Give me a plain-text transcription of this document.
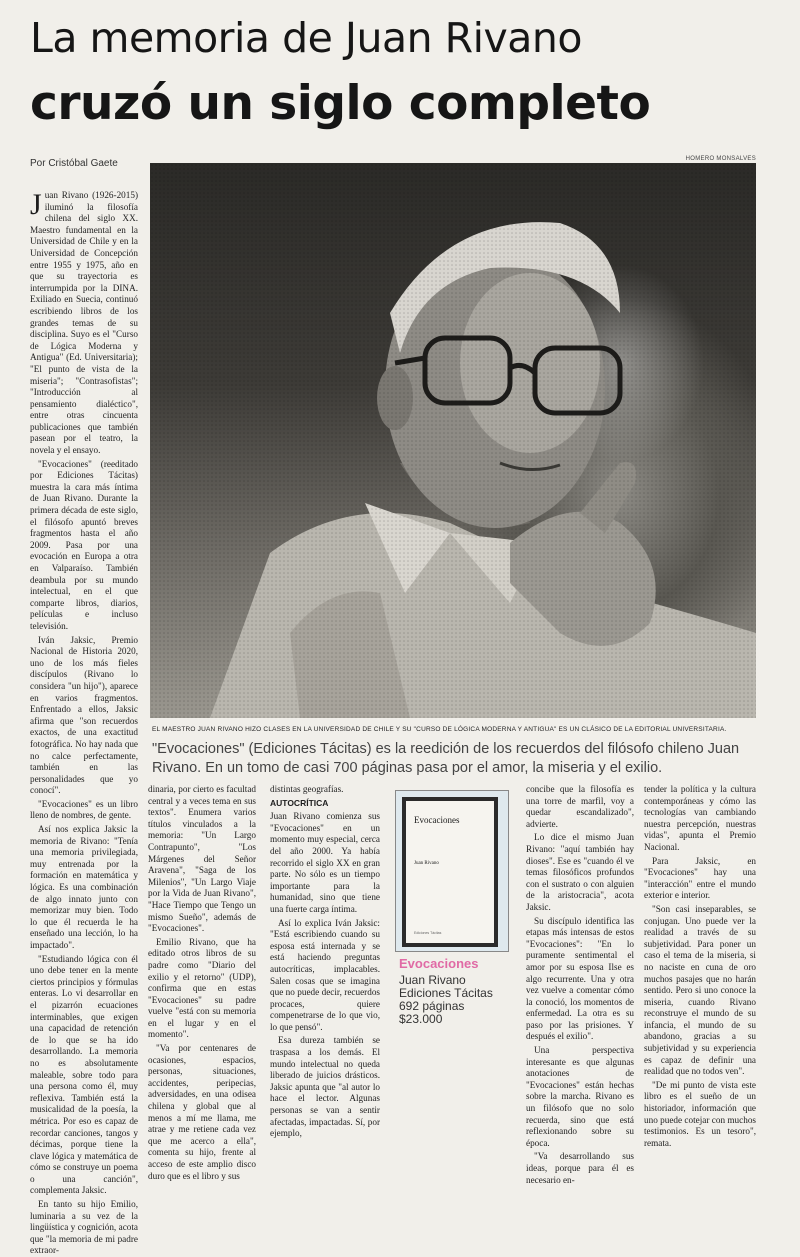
La memoria de Juan Rivano
cruzó un siglo completo
Por Cristóbal Gaete	HOMERO MONSALVES
EL MAESTRO JUAN RIVANO HIZO CLASES EN LA UNIVERSIDAD DE CHILE Y SU "CURSO DE LÓGICA MODERNA Y ANTIGUA" ES UN CLÁSICO DE LA EDITORIAL UNIVERSITARIA.
"Evocaciones" (Ediciones Tácitas) es la reedición de los recuerdos del filósofo chileno Juan Rivano. En un tomo de casi 700 páginas pasa por el amor, la miseria y el exilio.

Juan Rivano (1926-2015) iluminó la filosofía chilena del siglo XX. Maestro fundamental en la Universidad de Chile y en la Universidad de Concepción entre 1955 y 1975, año en que su trayectoria es interrumpida por la DINA. Exiliado en Suecia, continuó escribiendo libros de los grandes temas de su disciplina. Suyo es el "Curso de Lógica Moderna y Antigua" (Ed. Universitaria); "El punto de vista de la miseria"; "Contrasofistas"; "Introducción al pensamiento dialéctico", entre otras cincuenta publicaciones que también pasean por el teatro, la novela y el ensayo.

"Evocaciones" (reeditado por Ediciones Tácitas) muestra la cara más íntima de Juan Rivano. Durante la primera década de este siglo, el filósofo apuntó breves fragmentos hasta el año 2009. Pasa por una evocación en Europa a otra en Valparaíso. También deambula por su mundo intelectual, en el que comparte libros, diarios, películas e incluso televisión.

Iván Jaksic, Premio Nacional de Historia 2020, uno de los más fieles discípulos (Rivano lo considera "un hijo"), aparece en varios fragmentos. Enfrentado a ellos, Jaksic afirma que "son recuerdos exactos, de una exactitud fotográfica. No hay nada que no calce perfectamente, también en las personalidades que yo conocí".

"Evocaciones" es un libro lleno de nombres, de gente.

Así nos explica Jaksic la memoria de Rivano: "Tenía una memoria privilegiada, muy entrenada por la formación en matemática y lógica. Es una combinación de algo innato junto con memorizar muy bien. Todo lo que él recuerda le ha enseñado una lección, lo ha impactado".

"Estudiando lógica con él uno debe tener en la mente ciertos principios y fórmulas enteras. Lo vi desarrollar en el pizarrón ecuaciones interminables, que exigen una capacidad de retención de lo que se ha ido desarrollando. La memoria no es absolutamente maleable, sobre todo para una persona como él, muy reflexiva. También está la musicalidad de la poesía, la métrica. Por eso es capaz de recordar canciones, tangos y décimas, porque tiene la clave lógica y matemática de cómo se construye un poema o una canción", complementa Jaksic.

En tanto su hijo Emilio, luminaria a su vez de la lingüística y cognición, acota que "la memoria de mi padre extraor-

dinaria, por cierto es facultad central y a veces tema en sus textos". Enumera varios títulos vinculados a la memoria: "Un Largo Contrapunto", "Los Márgenes del Señor Aravena", "Saga de los Milenios", "Un Largo Viaje por la Vida de Juan Rivano", "Hace Tiempo que Tengo un mismo Sueño", además de "Evocaciones".

Emilio Rivano, que ha editado otros libros de su padre como "Diario del exilio y el retorno" (UDP), confirma que en estas "Evocaciones" su padre vuelve "está con su memoria en el lugar y en el momento".

"Va por centenares de ocasiones, espacios, personas, situaciones, accidentes, peripecias, adversidades, en una odisea chilena y global que al menos a mí me llama, me atrae y me retiene cada vez que me acerco a ella", comenta su hijo, frente al acceso de este amplio disco duro que es el libro y sus

distintas geografías.

AUTOCRÍTICA

Juan Rivano comienza sus "Evocaciones" en un momento muy especial, cerca del año 2000. Ya había recorrido el siglo XX en gran parte. No sólo es un tiempo importante para la humanidad, sino que tiene una fuerte carga íntima.

Así lo explica Iván Jaksic: "Está escribiendo cuando su esposa está internada y se está haciendo preguntas autocríticas, implacables. Salen cosas que se imagina que no puede decir, recuerdos procaces, quiere compenetrarse de lo que vio, lo que pensó".

Esa dureza también se traspasa a los demás. El mundo intelectual no queda liberado de juicios drásticos. Jaksic apunta que "al autor lo hace el lector. Algunas personas se van a sentir afectadas, impactadas. Sí, por ejemplo,

Evocaciones
Juan Rivano
Ediciones Tácitas
Evocaciones
Juan Rivano
Ediciones Tácitas
692 páginas
$23.000

concibe que la filosofía es una torre de marfil, voy a quedar escandalizado", advierte.

Lo dice el mismo Juan Rivano: "aquí también hay dioses". Ese es "cuando él ve temas filosóficos profundos con el sustrato o con alguien de la aristocracia", acota Jaksic.

Su discípulo identifica las etapas más intensas de estos "Evocaciones": "En lo puramente sentimental el amor por su esposa Ilse es algo recurrente. Una y otra vez vuelve a comentar cómo la conoció, los momentos de enfermedad. La otra es su paso por las prisiones. Y después el exilio".

Una perspectiva interesante es que algunas anotaciones de "Evocaciones" están hechas sobre la marcha. Rivano es un filósofo que no solo recuerda, sino que está reflexionando sobre su época.

"Va desarrollando sus ideas, porque para él es necesario en-

tender la política y la cultura contemporáneas y cómo las tecnologías van cambiando nuestra percepción, nuestras vidas", apunta el Premio Nacional.

Para Jaksic, en "Evocaciones" hay una "interacción" entre el mundo exterior e interior.

"Son casi inseparables, se conjugan. Uno puede ver la realidad a través de su subjetividad. Para poner un caso el tema de la miseria, si no naciste en cuna de oro muchos pasajes que no harán sentido. Pero si uno conoce la miseria, cuando Rivano reconstruye el mundo de su infancia, el mundo de su abandono, gracias a su subjetividad y su experiencia es capaz de definir una realidad que no todos ven".

"De mi punto de vista este libro es el sueño de un historiador, información que uno puede cotejar con muchos testimonios. Es un tesoro", remata.
